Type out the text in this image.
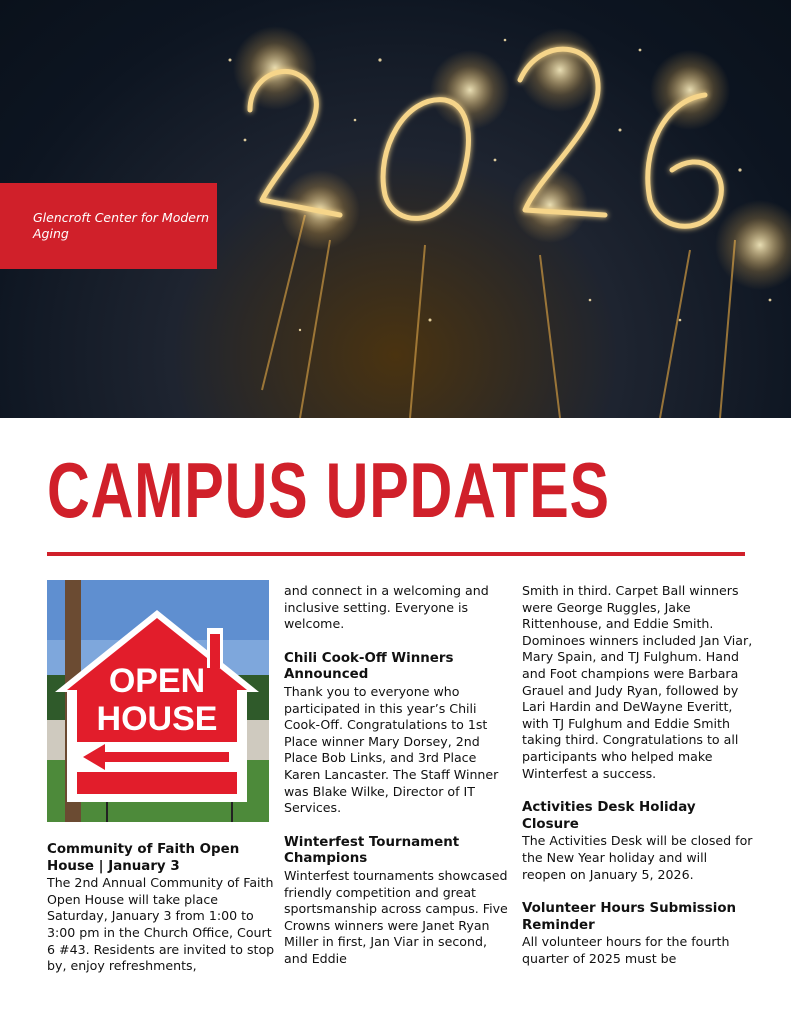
Glencroft Center for Modern Aging
CAMPUS UPDATES
OPEN
HOUSE
Community of Faith Open House | January 3

The 2nd Annual Community of Faith Open House will take place Saturday, January 3 from 1:00 to 3:00 pm in the Church Office, Court 6 #43. Residents are invited to stop by, enjoy refreshments,

and connect in a welcoming and inclusive setting. Everyone is welcome.

Chili Cook-Off Winners Announced

Thank you to everyone who participated in this year’s Chili Cook-Off. Congratulations to 1st Place winner Mary Dorsey, 2nd Place Bob Links, and 3rd Place Karen Lancaster. The Staff Winner was Blake Wilke, Director of IT Services.

Winterfest Tournament Champions

Winterfest tournaments showcased friendly competition and great sportsmanship across campus. Five Crowns winners were Janet Ryan Miller in first, Jan Viar in second, and Eddie

Smith in third. Carpet Ball winners were George Ruggles, Jake Rittenhouse, and Eddie Smith. Dominoes winners included Jan Viar, Mary Spain, and TJ Fulghum. Hand and Foot champions were Barbara Grauel and Judy Ryan, followed by Lari Hardin and DeWayne Everitt, with TJ Fulghum and Eddie Smith taking third. Congratulations to all participants who helped make Winterfest a success.

Activities Desk Holiday Closure

The Activities Desk will be closed for the New Year holiday and will reopen on January 5, 2026.

Volunteer Hours Submission Reminder

All volunteer hours for the fourth quarter of 2025 must be
